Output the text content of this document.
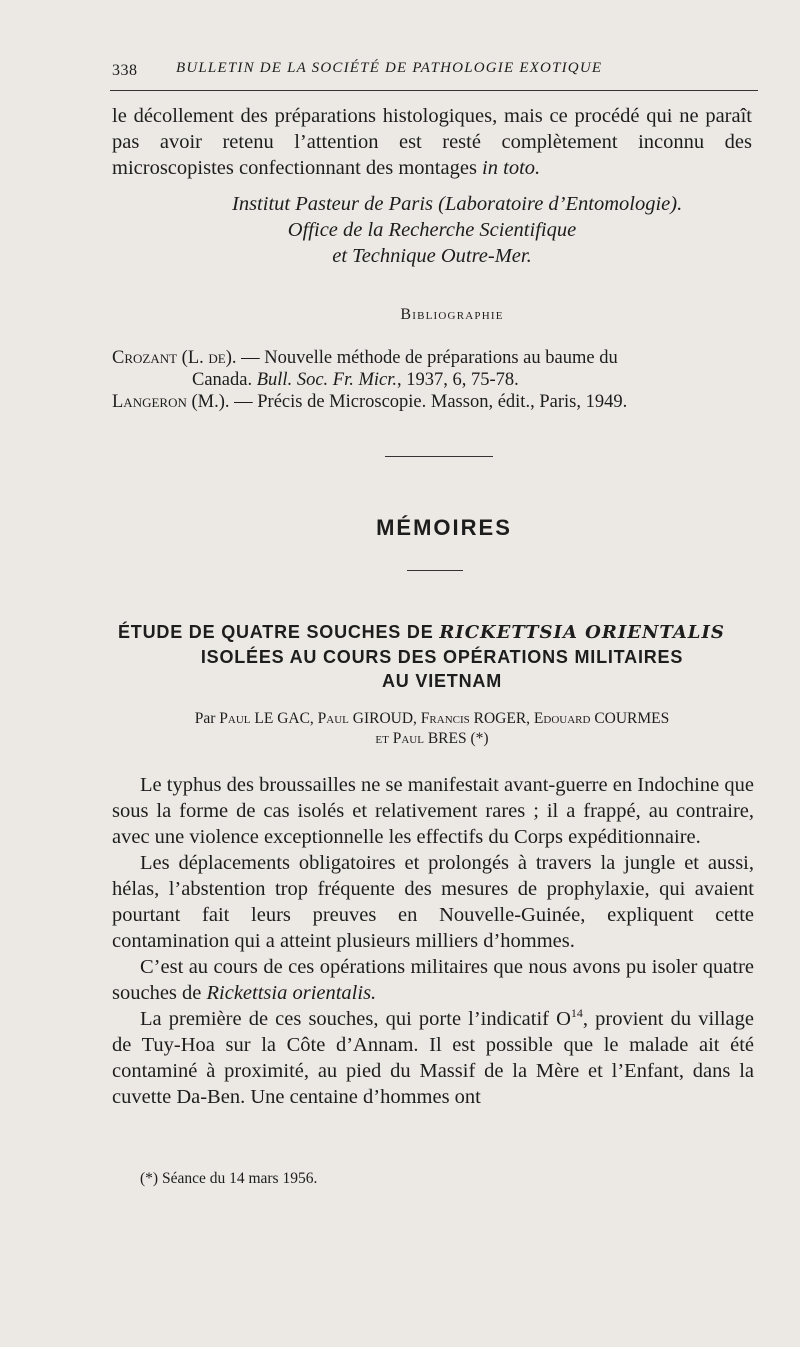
338	BULLETIN DE LA SOCIÉTÉ DE PATHOLOGIE EXOTIQUE
le décollement des préparations histologiques, mais ce procédé qui ne paraît pas avoir retenu l’attention est resté complètement inconnu des microscopistes confectionnant des montages in toto.
Institut Pasteur de Paris (Laboratoire d’Entomologie).
Office de la Recherche Scientifique
et Technique Outre-Mer.
Bibliographie
Crozant (L. de). — Nouvelle méthode de préparations au baume du
Canada. Bull. Soc. Fr. Micr., 1937, 6, 75-78.
Langeron (M.). — Précis de Microscopie. Masson, édit., Paris, 1949.
MÉMOIRES
ÉTUDE DE QUATRE SOUCHES DE RICKETTSIA ORIENTALIS
ISOLÉES AU COURS DES OPÉRATIONS MILITAIRES
AU VIETNAM
Par Paul LE GAC, Paul GIROUD, Francis ROGER, Edouard COURMES
et Paul BRES (*)

Le typhus des broussailles ne se manifestait avant-guerre en Indochine que sous la forme de cas isolés et relativement rares ; il a frappé, au contraire, avec une violence exceptionnelle les effectifs du Corps expéditionnaire.

Les déplacements obligatoires et prolongés à travers la jungle et aussi, hélas, l’abstention trop fréquente des mesures de prophylaxie, qui avaient pourtant fait leurs preuves en Nouvelle-Guinée, expliquent cette contamination qui a atteint plusieurs milliers d’hommes.

C’est au cours de ces opérations militaires que nous avons pu isoler quatre souches de Rickettsia orientalis.

La première de ces souches, qui porte l’indicatif $O^{14}$, provient du village de Tuy-Hoa sur la Côte d’Annam. Il est possible que le malade ait été contaminé à proximité, au pied du Massif de la Mère et l’Enfant, dans la cuvette Da-Ben. Une centaine d’hommes ont

(*) Séance du 14 mars 1956.
